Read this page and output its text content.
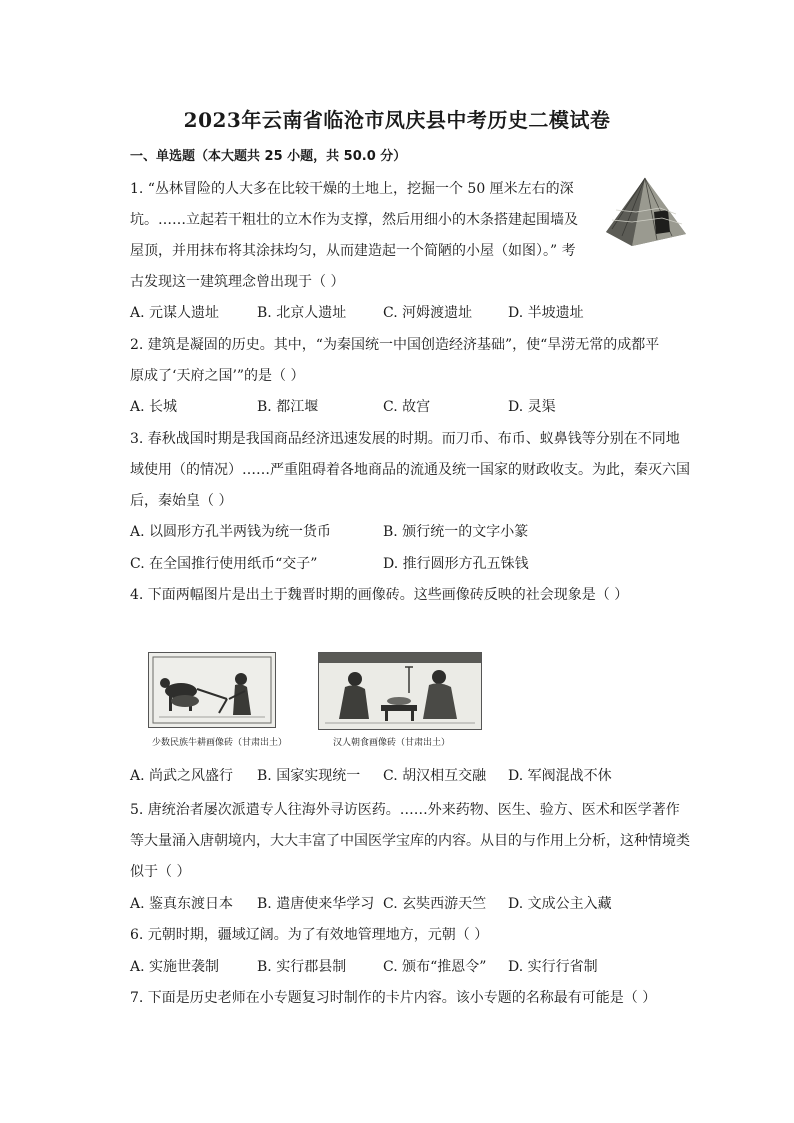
2023年云南省临沧市凤庆县中考历史二模试卷
一、单选题（本大题共 25 小题，共 50.0 分）
1. “丛林冒险的人大多在比较干燥的土地上，挖掘一个 50 厘米左右的深
坑。……立起若干粗壮的立木作为支撑，然后用细小的木条搭建起围墙及
屋顶，并用抹布将其涂抹均匀，从而建造起一个简陋的小屋（如图）。” 考
古发现这一建筑理念曾出现于（ ）
A. 元谋人遗址	B. 北京人遗址	C. 河姆渡遗址	D. 半坡遗址
2. 建筑是凝固的历史。其中，“为秦国统一中国创造经济基础”，使“旱涝无常的成都平
原成了‘天府之国’”的是（ ）
A. 长城	B. 都江堰	C. 故宫	D. 灵渠
3. 春秋战国时期是我国商品经济迅速发展的时期。而刀币、布币、蚁鼻钱等分别在不同地
域使用（的情况）……严重阻碍着各地商品的流通及统一国家的财政收支。为此，秦灭六国
后，秦始皇（ ）
A. 以圆形方孔半两钱为统一货币	B. 颁行统一的文字小篆
C. 在全国推行使用纸币“交子”	D. 推行圆形方孔五铢钱
4. 下面两幅图片是出土于魏晋时期的画像砖。这些画像砖反映的社会现象是（ ）
少数民族牛耕画像砖（甘肃出土）	汉人朝食画像砖（甘肃出土）
A. 尚武之风盛行 B. 国家实现统一 C. 胡汉相互交融 D. 军阀混战不休
5. 唐统治者屡次派遣专人往海外寻访医药。……外来药物、医生、验方、医术和医学著作
等大量涌入唐朝境内，大大丰富了中国医学宝库的内容。从目的与作用上分析，这种情境类
似于（ ）
A. 鉴真东渡日本 B. 遣唐使来华学习 C. 玄奘西游天竺 D. 文成公主入藏
6. 元朝时期，疆域辽阔。为了有效地管理地方，元朝（ ）
A. 实施世袭制	B. 实行郡县制	C. 颁布“推恩令” D. 实行行省制
7. 下面是历史老师在小专题复习时制作的卡片内容。该小专题的名称最有可能是（ ）
